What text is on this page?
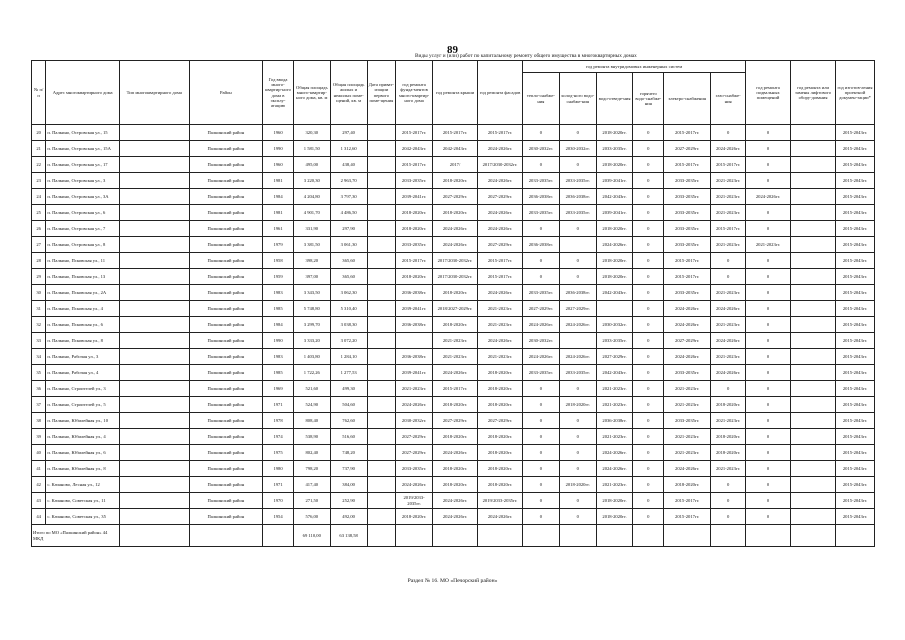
89
Виды услуг и (или) работ по капитальному ремонту общего имущества в многоквартирных домах
№ п/п	Адрес многоквартирного дома	Тип многоквартирного дома	Район	Год ввода много-квартир-ного дома в эксплу-атацию	Общая площадь много-квартир-ного дома, кв. м	Общая площадь жилых и нежилых поме-щений, кв. м	Дата приват-изации первого поме-щения	год ремонта фунда-ментов много-квартир-ного дома	год ремонта крыши	год ремонта фасадов	год ремонта внутридомовых инженерных систем						год ремонта подвальных помещений	год ремонта или замены лифтового обору-дования	год изготов-ления проектной докумен-тации*
											тепло-снабже-ния	холод-ного водо-снабже-ния	водо-отведе-ния	горячего водо-снабже-ния	электро-снабжения	газо-снабже-ния			
20	п. Палкино, Островская ул., 15		Палкинский район	1960	320,30	297,40		2015-2017гг.	2015-2017гг.	2015-2017гг.	0	0	2018-2020гг.	0	2015-2017гг.	0	0		2015-2043гг.
21	п. Палкино, Островская ул., 15А		Палкинский район	1990	1 581,50	1 312,60		2042-2043гг.	2042-2043гг.	2024-2026гг.	2030-2032гг.	2030-2032гг.	2033-2035гг.	0	2027-2029гг.	2024-2026гг.	0		2015-2043гг.
22	п. Палкино, Островская ул., 17		Палкинский район	1960	495,00	438,40		2015-2017гг.	2017/	2017/2030-2032гг.	0	0	2018-2020гг.	0	2015-2017гг.	2015-2017гг.	0		2015-2043гг.
23	п. Палкино, Островская ул., 3		Палкинский район	1981	3 220,30	2 963,70		2033-2035гг.	2018-2020гг.	2024-2026гг.	2033-2035гг.	2033-2035гг.	2039-2041гг.	0	2033-2035гг.	2021-2023гг.	0		2015-2043гг.
24	п. Палкино, Островская ул., 3А		Палкинский район	1984	4 204,80	3 797,30		2039-2041гг.	2027-2029гг.	2027-2029гг.	2036-2038гг.	2036-2038гг.	2042-2043гг.	0	2033-2035гг.	2021-2023гг.	2024-2026гг.		2015-2043гг.
25	п. Палкино, Островская ул., 6		Палкинский район	1981	4 901,70	4 486,50		2018-2020гг.	2018-2020гг.	2024-2026гг.	2033-2035гг.	2033-2035гг.	2039-2041гг.	0	2033-2035гг.	2021-2023гг.	0		2015-2043гг.
26	п. Палкино, Островская ул., 7		Палкинский район	1961	331,90	297,90		2018-2020гг.	2024-2026гг.	2024-2026гг.	0	0	2018-2020гг.	0	2033-2035гг.	2015-2017гг.	0		2015-2043гг.
27	п. Палкино, Островская ул., 8		Палкинский район	1979	3 381,50	3 061,30		2033-2035гг.	2024-2026гг.	2027-2029гг.	2036-2038гг.		2024-2026гг.	0	2033-2035гг.	2021-2023гг.	2021-2023гг.		2015-2043гг.
28	п. Палкино, Псковская ул., 11		Палкинский район	1958	398,20	365,60		2015-2017гг.	2017/2030-2032гг.	2015-2017гг.	0	0	2018-2020гг.	0	2015-2017гг.	0	0		2015-2043гг.
29	п. Палкино, Псковская ул., 13		Палкинский район	1959	397,00	365,60		2018-2020гг.	2017/2030-2032гг.	2015-2017гг.	0	0	2018-2020гг.	0	2015-2017гг.	0	0		2015-2043гг.
30	п. Палкино, Псковская ул., 2А		Палкинский район	1983	3 343,50	3 062,30		2036-2038гг.	2018-2020гг.	2024-2026гг.	2033-2035гг.	2036-2038гг.	2042-2043гг.	0	2033-2035гг.	2021-2023гг.	0		2015-2043гг.
31	п. Палкино, Псковская ул., 4		Палкинский район	1985	5 748,80	5 310,40		2039-2041гг.	2018/2027-2029гг.	2021-2023гг.	2027-2029гг.	2027-2029гг.		0	2024-2026гг.	2024-2026гг.	0		2015-2043гг.
32	п. Палкино, Псковская ул., 6		Палкинский район	1984	3 299,70	3 038,30		2036-2038гг.	2018-2020гг.	2021-2023гг.	2024-2026гг.	2024-2026гг.	2030-2032гг.	0	2024-2026гг.	2021-2023гг.	0		2015-2043гг.
33	п. Палкино, Псковская ул., 8		Палкинский район	1990	3 333,20	3 072,20			2021-2023гг.	2024-2026гг.	2030-2032гг.		2033-2035гг.	0	2027-2029гг.	2024-2026гг.	0		2015-2043гг.
34	п. Палкино, Рабочая ул., 3		Палкинский район	1983	1 403,80	1 284,10		2036-2038гг.	2021-2023гг.	2021-2023гг.	2024-2026гг.	2024-2026гг.	2027-2029гг.	0	2024-2026гг.	2021-2023гг.	0		2015-2043гг.
35	п. Палкино, Рабочая ул., 4		Палкинский район	1985	1 722,26	1 277,53		2039-2041гг.	2024-2026гг.	2018-2020гг.	2033-2035гг.	2033-2035гг.	2042-2043гг.	0	2033-2035гг.	2024-2026гг.	0		2015-2043гг.
36	п. Палкино, Строителей ул., 3		Палкинский район	1969	521,60	499,30		2021-2023гг.	2015-2017гг.	2018-2020гг.	0	0	2021-2023гг.	0	2021-2023гг.	0	0		2015-2043гг.
37	п. Палкино, Строителей ул., 5		Палкинский район	1971	524,90	504,60		2024-2026гг.	2018-2020гг.	2018-2020гг.	0	2018-2020гг.	2021-2023гг.	0	2021-2023гг.	2018-2020гг.	0		2015-2043гг.
38	п. Палкино, Юбилейная ул., 10		Палкинский район	1978	808,40	762,60		2030-2032гг.	2027-2029гг.	2027-2029гг.	0	0	2036-2038гг.	0	2033-2035гг.	2021-2023гг.	0		2015-2043гг.
39	п. Палкино, Юбилейная ул., 4		Палкинский район	1974	538,90	516,60		2027-2029гг.	2018-2020гг.	2018-2020гг.	0	0	2021-2023гг.	0	2021-2023гг.	2018-2020гг.	0		2015-2043гг.
40	п. Палкино, Юбилейная ул., 6		Палкинский район	1975	802,40	748,20		2027-2029гг.	2024-2026гг.	2018-2020гг.	0	0	2024-2026гг.	0	2021-2023гг.	2018-2020гг.	0		2015-2043гг.
41	п. Палкино, Юбилейная ул., 8		Палкинский район	1980	798,20	737,90		2033-2035гг.	2018-2020гг.	2018-2020гг.	0	0	2024-2026гг.	0	2024-2026гг.	2021-2023гг.	0		2015-2043гг.
42	с. Качаново, Лесная ул., 12		Палкинский район	1971	417,40	384,00		2024-2026гг.	2018-2020гг.	2018-2020гг.	0	2018-2020гг.	2021-2023гг.	0	2018-2020гг.	0	0		2015-2043гг.
43	с. Качаново, Советская ул., 11		Палкинский район	1970	271,50	252,90		2019/2033-2035гг.	2024-2026гг.	2019/2033-2035гг.	0	0	2018-2020гг.	0	2015-2017гг.	0	0		2015-2043гг.
44	с. Качаново, Советская ул., 35		Палкинский район	1954	576,00	492,00		2018-2020гг.	2024-2026гг.	2024-2026гг.	0	0	2018-2020гг.	0	2015-2017гг.	0	0		2015-2043гг.
Итого по МО «Палкинский район» 44 МКД					69 110,00	63 138,58													
Раздел № 16. МО «Печорский район»
